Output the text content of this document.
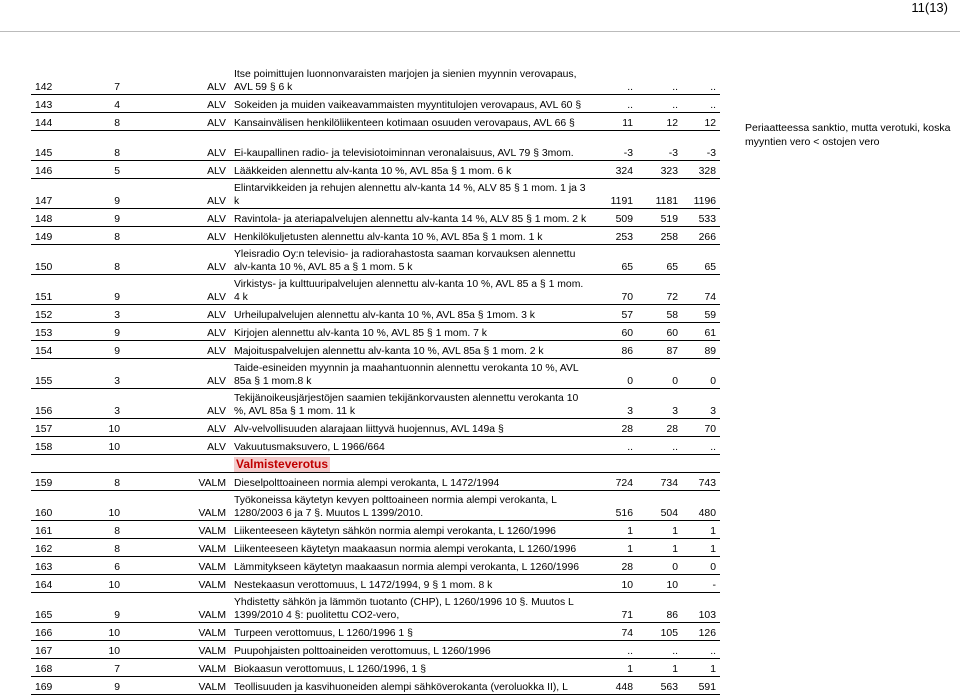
11(13)
Periaatteessa sanktio, mutta verotuki, koska myyntien vero < ostojen vero
142	7	ALV	Itse poimittujen luonnonvaraisten marjojen ja sienien myynnin verovapaus, AVL 59 § 6 k	..	..	..
143	4	ALV	Sokeiden ja muiden vaikeavammaisten myyntitulojen verovapaus, AVL 60 §	..	..	..
144	8	ALV	Kansainvälisen henkilöliikenteen kotimaan osuuden verovapaus, AVL 66 §	11	12	12
145	8	ALV	Ei-kaupallinen radio- ja televisiotoiminnan veronalaisuus, AVL 79 § 3mom.	-3	-3	-3
146	5	ALV	Lääkkeiden alennettu alv-kanta 10 %, AVL 85a § 1 mom. 6 k	324	323	328
147	9	ALV	Elintarvikkeiden ja rehujen alennettu alv-kanta 14 %, ALV 85 § 1 mom. 1 ja 3 k	1191	1181	1196
148	9	ALV	Ravintola- ja ateriapalvelujen alennettu alv-kanta 14 %, ALV 85 § 1 mom. 2 k	509	519	533
149	8	ALV	Henkilökuljetusten alennettu alv-kanta 10 %, AVL 85a § 1 mom. 1 k	253	258	266
150	8	ALV	Yleisradio Oy:n televisio- ja radiorahastosta saaman korvauksen alennettu alv-kanta 10 %, AVL 85 a § 1 mom. 5 k	65	65	65
151	9	ALV	Virkistys- ja kulttuuripalvelujen alennettu alv-kanta 10 %, AVL 85 a § 1 mom. 4 k	70	72	74
152	3	ALV	Urheilupalvelujen alennettu alv-kanta 10 %, AVL 85a § 1mom. 3 k	57	58	59
153	9	ALV	Kirjojen alennettu alv-kanta 10 %, AVL 85 § 1 mom. 7 k	60	60	61
154	9	ALV	Majoituspalvelujen alennettu alv-kanta 10 %, AVL 85a § 1 mom. 2 k	86	87	89
155	3	ALV	Taide-esineiden myynnin ja maahantuonnin alennettu verokanta 10 %, AVL 85a § 1 mom.8 k	0	0	0
156	3	ALV	Tekijänoikeusjärjestöjen saamien tekijänkorvausten alennettu verokanta 10 %, AVL 85a § 1 mom. 11 k	3	3	3
157	10	ALV	Alv-velvollisuuden alarajaan liittyvä huojennus, AVL 149a §	28	28	70
158	10	ALV	Vakuutusmaksuvero, L 1966/664	..	..	..
			Valmisteverotus			
159	8	VALM	Dieselpolttoaineen normia alempi verokanta, L 1472/1994	724	734	743
160	10	VALM	Työkoneissa käytetyn kevyen polttoaineen normia alempi verokanta, L 1280/2003 6 ja 7 §. Muutos L 1399/2010.	516	504	480
161	8	VALM	Liikenteeseen käytetyn sähkön normia alempi verokanta, L 1260/1996	1	1	1
162	8	VALM	Liikenteeseen käytetyn maakaasun normia alempi verokanta, L 1260/1996	1	1	1
163	6	VALM	Lämmitykseen käytetyn maakaasun normia alempi verokanta, L 1260/1996	28	0	0
164	10	VALM	Nestekaasun verottomuus, L 1472/1994, 9 § 1 mom. 8 k	10	10	-
165	9	VALM	Yhdistetty sähkön ja lämmön tuotanto (CHP), L 1260/1996 10 §. Muutos L 1399/2010 4 §: puolitettu CO2-vero,	71	86	103
166	10	VALM	Turpeen verottomuus, L 1260/1996 1 §	74	105	126
167	10	VALM	Puupohjaisten polttoaineiden verottomuus, L 1260/1996	..	..	..
168	7	VALM	Biokaasun verottomuus, L 1260/1996, 1 §	1	1	1
169	9	VALM	Teollisuuden ja kasvihuoneiden alempi sähköverokanta (veroluokka II), L	448	563	591
